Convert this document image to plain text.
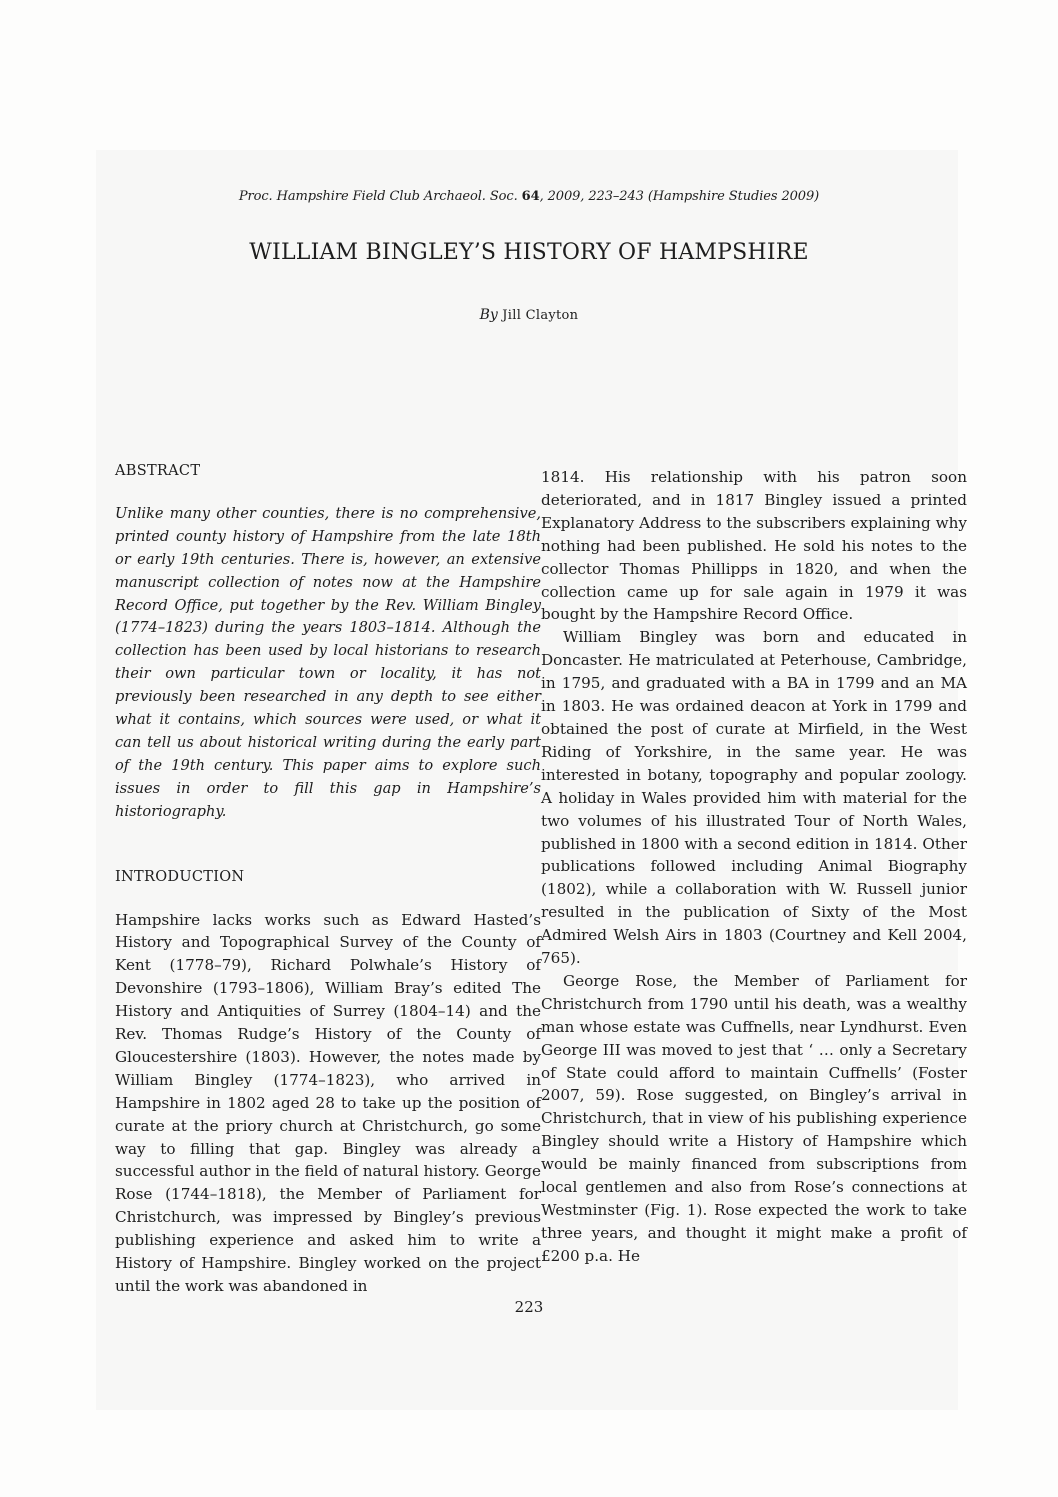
Proc. Hampshire Field Club Archaeol. Soc. 64, 2009, 223–243 (Hampshire Studies 2009)
WILLIAM BINGLEY’S HISTORY OF HAMPSHIRE
By Jill Clayton
ABSTRACT

Unlike many other counties, there is no comprehensive, printed county history of Hampshire from the late 18th or early 19th centuries. There is, however, an extensive manuscript collection of notes now at the Hampshire Record Office, put together by the Rev. William Bingley (1774–1823) during the years 1803–1814. Although the collection has been used by local historians to research their own particular town or locality, it has not previously been researched in any depth to see either what it contains, which sources were used, or what it can tell us about historical writing during the early part of the 19th century. This paper aims to explore such issues in order to fill this gap in Hampshire’s historiography.

INTRODUCTION

Hampshire lacks works such as Edward Hasted’s History and Topographical Survey of the County of Kent (1778–79), Richard Polwhale’s History of Devonshire (1793–1806), William Bray’s edited The History and Antiquities of Surrey (1804–14) and the Rev. Thomas Rudge’s History of the County of Gloucestershire (1803). However, the notes made by William Bingley (1774–1823), who arrived in Hampshire in 1802 aged 28 to take up the position of curate at the priory church at Christchurch, go some way to filling that gap. Bingley was already a successful author in the field of natural history. George Rose (1744–1818), the Member of Parliament for Christchurch, was impressed by Bingley’s previous publishing experience and asked him to write a History of Hampshire. Bingley worked on the project until the work was abandoned in

1814. His relationship with his patron soon deteriorated, and in 1817 Bingley issued a printed Explanatory Address to the subscribers explaining why nothing had been published. He sold his notes to the collector Thomas Phillipps in 1820, and when the collection came up for sale again in 1979 it was bought by the Hampshire Record Office.

William Bingley was born and educated in Doncaster. He matriculated at Peterhouse, Cambridge, in 1795, and graduated with a BA in 1799 and an MA in 1803. He was ordained deacon at York in 1799 and obtained the post of curate at Mirfield, in the West Riding of Yorkshire, in the same year. He was interested in botany, topography and popular zoology. A holiday in Wales provided him with material for the two volumes of his illustrated Tour of North Wales, published in 1800 with a second edition in 1814. Other publications followed including Animal Biography (1802), while a collaboration with W. Russell junior resulted in the publication of Sixty of the Most Admired Welsh Airs in 1803 (Courtney and Kell 2004, 765).

George Rose, the Member of Parliament for Christchurch from 1790 until his death, was a wealthy man whose estate was Cuffnells, near Lyndhurst. Even George III was moved to jest that ‘ … only a Secretary of State could afford to maintain Cuffnells’ (Foster 2007, 59). Rose suggested, on Bingley’s arrival in Christchurch, that in view of his publishing experience Bingley should write a History of Hampshire which would be mainly financed from subscriptions from local gentlemen and also from Rose’s connections at Westminster (Fig. 1). Rose expected the work to take three years, and thought it might make a profit of £200 p.a. He

223
